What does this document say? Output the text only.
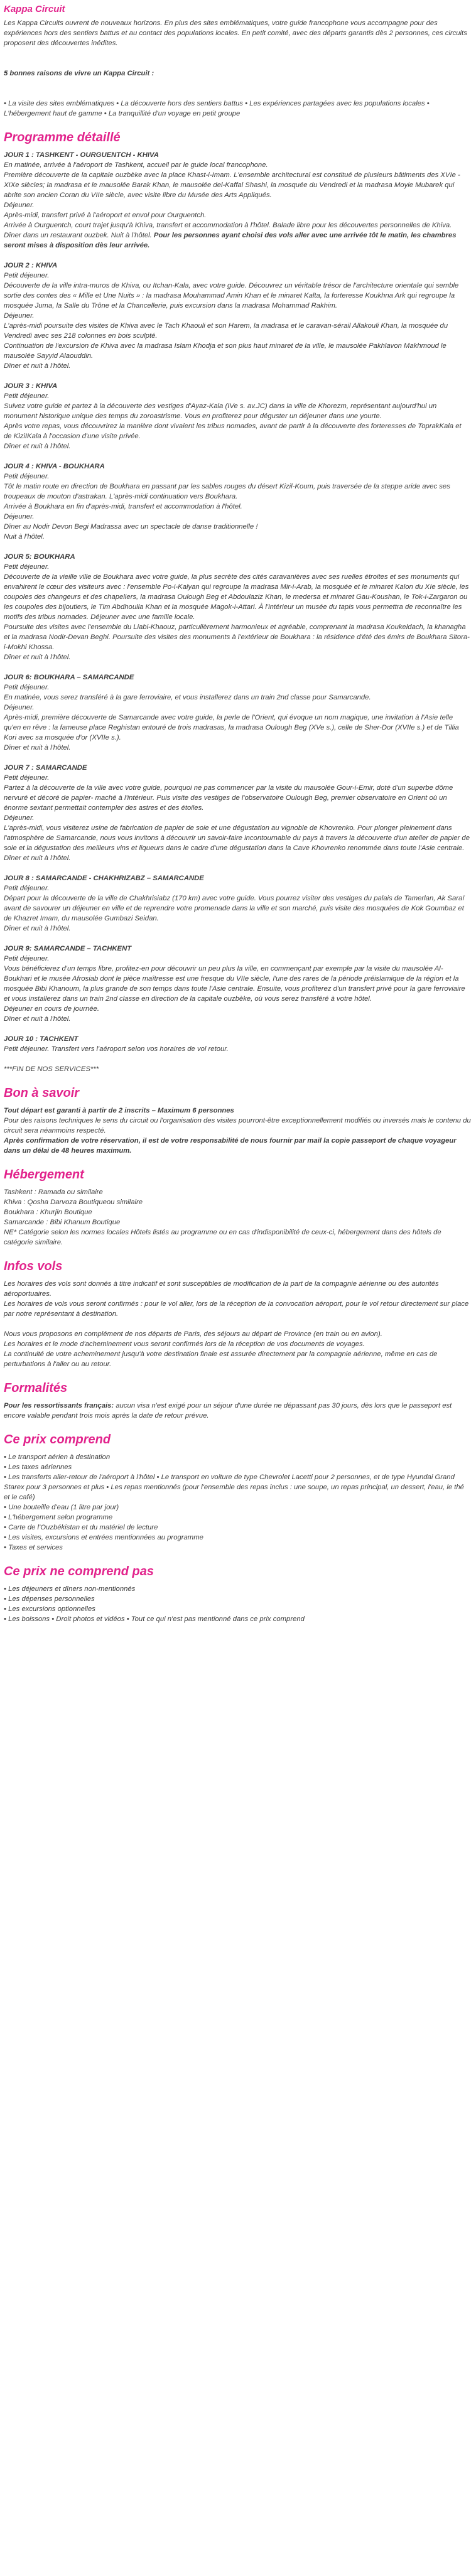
Kappa Circuit

Les Kappa Circuits ouvrent de nouveaux horizons. En plus des sites emblématiques, votre guide francophone vous accompagne pour des expériences hors des sentiers battus et au contact des populations locales. En petit comité, avec des départs garantis dès 2 personnes, ces circuits proposent des découvertes inédites.

5 bonnes raisons de vivre un Kappa Circuit :

• La visite des sites emblématiques • La découverte hors des sentiers battus • Les expériences partagées avec les populations locales • L'hébergement haut de gamme • La tranquillité d'un voyage en petit groupe

Programme détaillé

JOUR 1 : TASHKENT - OURGUENTCH - KHIVA

En matinée, arrivée à l'aéroport de Tashkent, accueil par le guide local francophone.

Première découverte de la capitale ouzbèke avec la place Khast-i-Imam. L'ensemble architectural est constitué de plusieurs bâtiments des XVIe -XIXe siècles; la madrasa et le mausolée Barak Khan, le mausolée del-Kaffal Shashi, la mosquée du Vendredi et la madrasa Moyie Mubarek qui abrite son ancien Coran du VIIe siècle, avec visite libre du Musée des Arts Appliqués.

Déjeuner.

Après-midi, transfert privé à l'aéroport et envol pour Ourguentch.

Arrivée à Ourguentch, court trajet jusqu'à Khiva, transfert et accommodation à l'hôtel. Balade libre pour les découvertes personnelles de Khiva.

Dîner dans un restaurant ouzbek. Nuit à l'hôtel. Pour les personnes ayant choisi des vols aller avec une arrivée tôt le matin, les chambres seront mises à disposition dès leur arrivée.

JOUR 2 : KHIVA

Petit déjeuner.

Découverte de la ville intra-muros de Khiva, ou Itchan-Kala, avec votre guide. Découvrez un véritable trésor de l'architecture orientale qui semble sortie des contes des « Mille et Une Nuits » : la madrasa Mouhammad Amin Khan et le minaret Kalta, la forteresse Koukhna Ark qui regroupe la mosquée Juma, la Salle du Trône et la Chancellerie, puis excursion dans la madrasa Mohammad Rakhim.

Déjeuner.

L'après-midi poursuite des visites de Khiva avec le Tach Khaouli et son Harem, la madrasa et le caravan-sérail Allakouli Khan, la mosquée du Vendredi avec ses 218 colonnes en bois sculpté.

Continuation de l'excursion de Khiva avec la madrasa Islam Khodja et son plus haut minaret de la ville, le mausolée Pakhlavon Makhmoud le mausolée Sayyid Alaouddin.

Dîner et nuit à l'hôtel.

JOUR 3 : KHIVA

Petit déjeuner.

Suivez votre guide et partez à la découverte des vestiges d'Ayaz-Kala (IVe s. av.JC) dans la ville de Khorezm, représentant aujourd'hui un monument historique unique des temps du zoroastrisme. Vous en profiterez pour déguster un déjeuner dans une yourte.

Après votre repas, vous découvrirez la manière dont vivaient les tribus nomades, avant de partir à la découverte des forteresses de ToprakKala et de KiziIKala à l'occasion d'une visite privée.

Dîner et nuit à l'hôtel.

JOUR 4 : KHIVA - BOUKHARA

Petit déjeuner.

Tôt le matin route en direction de Boukhara en passant par les sables rouges du désert Kizil-Koum, puis traversée de la steppe aride avec ses troupeaux de mouton d'astrakan. L'après-midi continuation vers Boukhara.

Arrivée à Boukhara en fin d'après-midi, transfert et accommodation à l'hôtel.

Déjeuner.

Dîner au Nodir Devon Begi Madrassa avec un spectacle de danse traditionnelle !

Nuit à l'hôtel.

JOUR 5: BOUKHARA

Petit déjeuner.

Découverte de la vieille ville de Boukhara avec votre guide, la plus secrète des cités caravanières avec ses ruelles étroites et ses monuments qui envahirent le cœur des visiteurs avec : l'ensemble Po-i-Kalyan qui regroupe la madrasa Mir-i-Arab, la mosquée et le minaret Kalon du XIe siècle, les coupoles des changeurs et des chapeliers, la madrasa Oulough Beg et Abdoulaziz Khan, le medersa et minaret Gau-Koushan, le Tok-i-Zargaron ou les coupoles des bijoutiers, le Tim Abdhoulla Khan et la mosquée Magok-i-Attari. À l'intérieur un musée du tapis vous permettra de reconnaître les motifs des tribus nomades. Déjeuner avec une famille locale.

Poursuite des visites avec l'ensemble du Liabi-Khaouz, particulièrement harmonieux et agréable, comprenant la madrasa Koukeldach, la khanagha et la madrasa Nodir-Devan Beghi. Poursuite des visites des monuments à l'extérieur de Boukhara : la résidence d'été des émirs de Boukhara Sitora-i-Mokhi Khossa.

Dîner et nuit à l'hôtel.

JOUR 6: BOUKHARA – SAMARCANDE

Petit déjeuner.

En matinée, vous serez transféré à la gare ferroviaire, et vous installerez dans un train 2nd classe pour Samarcande.

Déjeuner.

Après-midi, première découverte de Samarcande avec votre guide, la perle de l'Orient, qui évoque un nom magique, une invitation à l'Asie telle qu'en en rêve : la fameuse place Reghistan entouré de trois madrasas, la madrasa Oulough Beg (XVe s.), celle de Sher-Dor (XVIIe s.) et de Tillia Kori avec sa mosquée d'or (XVIIe s.).

Dîner et nuit à l'hôtel.

JOUR 7 : SAMARCANDE

Petit déjeuner.

Partez à la découverte de la ville avec votre guide, pourquoi ne pas commencer par la visite du mausolée Gour-i-Emir, doté d'un superbe dôme nervuré et décoré de papier- maché à l'intérieur. Puis visite des vestiges de l'observatoire Oulough Beg, premier observatoire en Orient où un énorme sextant permettait contempler des astres et des étoiles.

Déjeuner.

L'après-midi, vous visiterez usine de fabrication de papier de soie et une dégustation au vignoble de Khovrenko. Pour plonger pleinement dans l'atmosphère de Samarcande, nous vous invitons à découvrir un savoir-faire incontournable du pays à travers la découverte d'un atelier de papier de soie et la dégustation des meilleurs vins et liqueurs dans le cadre d'une dégustation dans la Cave Khovrenko renommée dans toute l'Asie centrale.

Dîner et nuit à l'hôtel.

JOUR 8 : SAMARCANDE - CHAKHRIZABZ – SAMARCANDE

Petit déjeuner.

Départ pour la découverte de la ville de Chakhrisiabz (170 km) avec votre guide. Vous pourrez visiter des vestiges du palais de Tamerlan, Ak Saraï avant de savourer un déjeuner en ville et de reprendre votre promenade dans la ville et son marché, puis visite des mosquées de Kok Goumbaz et de Khazret Imam, du mausolée Gumbazi Seidan.

Dîner et nuit à l'hôtel.

JOUR 9: SAMARCANDE – TACHKENT

Petit déjeuner.

Vous bénéficierez d'un temps libre, profitez-en pour découvrir un peu plus la ville, en commençant par exemple par la visite du mausolée Al-Boukhari et le musée Afrosiab dont le pièce maîtresse est une fresque du VIIe siècle, l'une des rares de la période préislamique de la région et la mosquée Bibi Khanoum, la plus grande de son temps dans toute l'Asie centrale. Ensuite, vous profiterez d'un transfert privé pour la gare ferroviaire et vous installerez dans un train 2nd classe en direction de la capitale ouzbèke, où vous serez transféré à votre hôtel.

Déjeuner en cours de journée.

Dîner et nuit à l'hôtel.

JOUR 10 : TACHKENT

Petit déjeuner. Transfert vers l'aéroport selon vos horaires de vol retour.

***FIN DE NOS SERVICES***

Bon à savoir

Tout départ est garanti à partir de 2 inscrits – Maximum 6 personnes

Pour des raisons techniques le sens du circuit ou l'organisation des visites pourront-être exceptionnellement modifiés ou inversés mais le contenu du circuit sera néanmoins respecté.

Après confirmation de votre réservation, il est de votre responsabilité de nous fournir par mail la copie passeport de chaque voyageur dans un délai de 48 heures maximum.

Hébergement

Tashkent : Ramada ou similaire

Khiva : Qosha Darvoza Boutiqueou similaire

Boukhara : Khurjin Boutique

Samarcande : Bibi Khanum Boutique

NE* Catégorie selon les normes locales Hôtels listés au programme ou en cas d'indisponibilité de ceux-ci, hébergement dans des hôtels de catégorie similaire.

Infos vols

Les horaires des vols sont donnés à titre indicatif et sont susceptibles de modification de la part de la compagnie aérienne ou des autorités aéroportuaires.

Les horaires de vols vous seront confirmés : pour le vol aller, lors de la réception de la convocation aéroport, pour le vol retour directement sur place par notre représentant à destination.

Nous vous proposons en complément de nos départs de Paris, des séjours au départ de Province (en train ou en avion).

Les horaires et le mode d'acheminement vous seront confirmés lors de la réception de vos documents de voyages.

La continuité de votre acheminement jusqu'à votre destination finale est assurée directement par la compagnie aérienne, même en cas de perturbations à l'aller ou au retour.

Formalités

Pour les ressortissants français: aucun visa n'est exigé pour un séjour d'une durée ne dépassant pas 30 jours, dès lors que le passeport est encore valable pendant trois mois après la date de retour prévue.

Ce prix comprend

• Le transport aérien à destination

• Les taxes aériennes

• Les transferts aller-retour de l'aéroport à l'hôtel • Le transport en voiture de type Chevrolet Lacetti pour 2 personnes, et de type Hyundai Grand Starex pour 3 personnes et plus • Les repas mentionnés (pour l'ensemble des repas inclus : une soupe, un repas principal, un dessert, l'eau, le thé et le café)

• Une bouteille d'eau (1 litre par jour)

• L'hébergement selon programme

• Carte de l'Ouzbékistan et du matériel de lecture

• Les visites, excursions et entrées mentionnées au programme

• Taxes et services

Ce prix ne comprend pas

• Les déjeuners et dîners non-mentionnés

• Les dépenses personnelles

• Les excursions optionnelles

• Les boissons • Droit photos et vidéos • Tout ce qui n'est pas mentionné dans ce prix comprend
